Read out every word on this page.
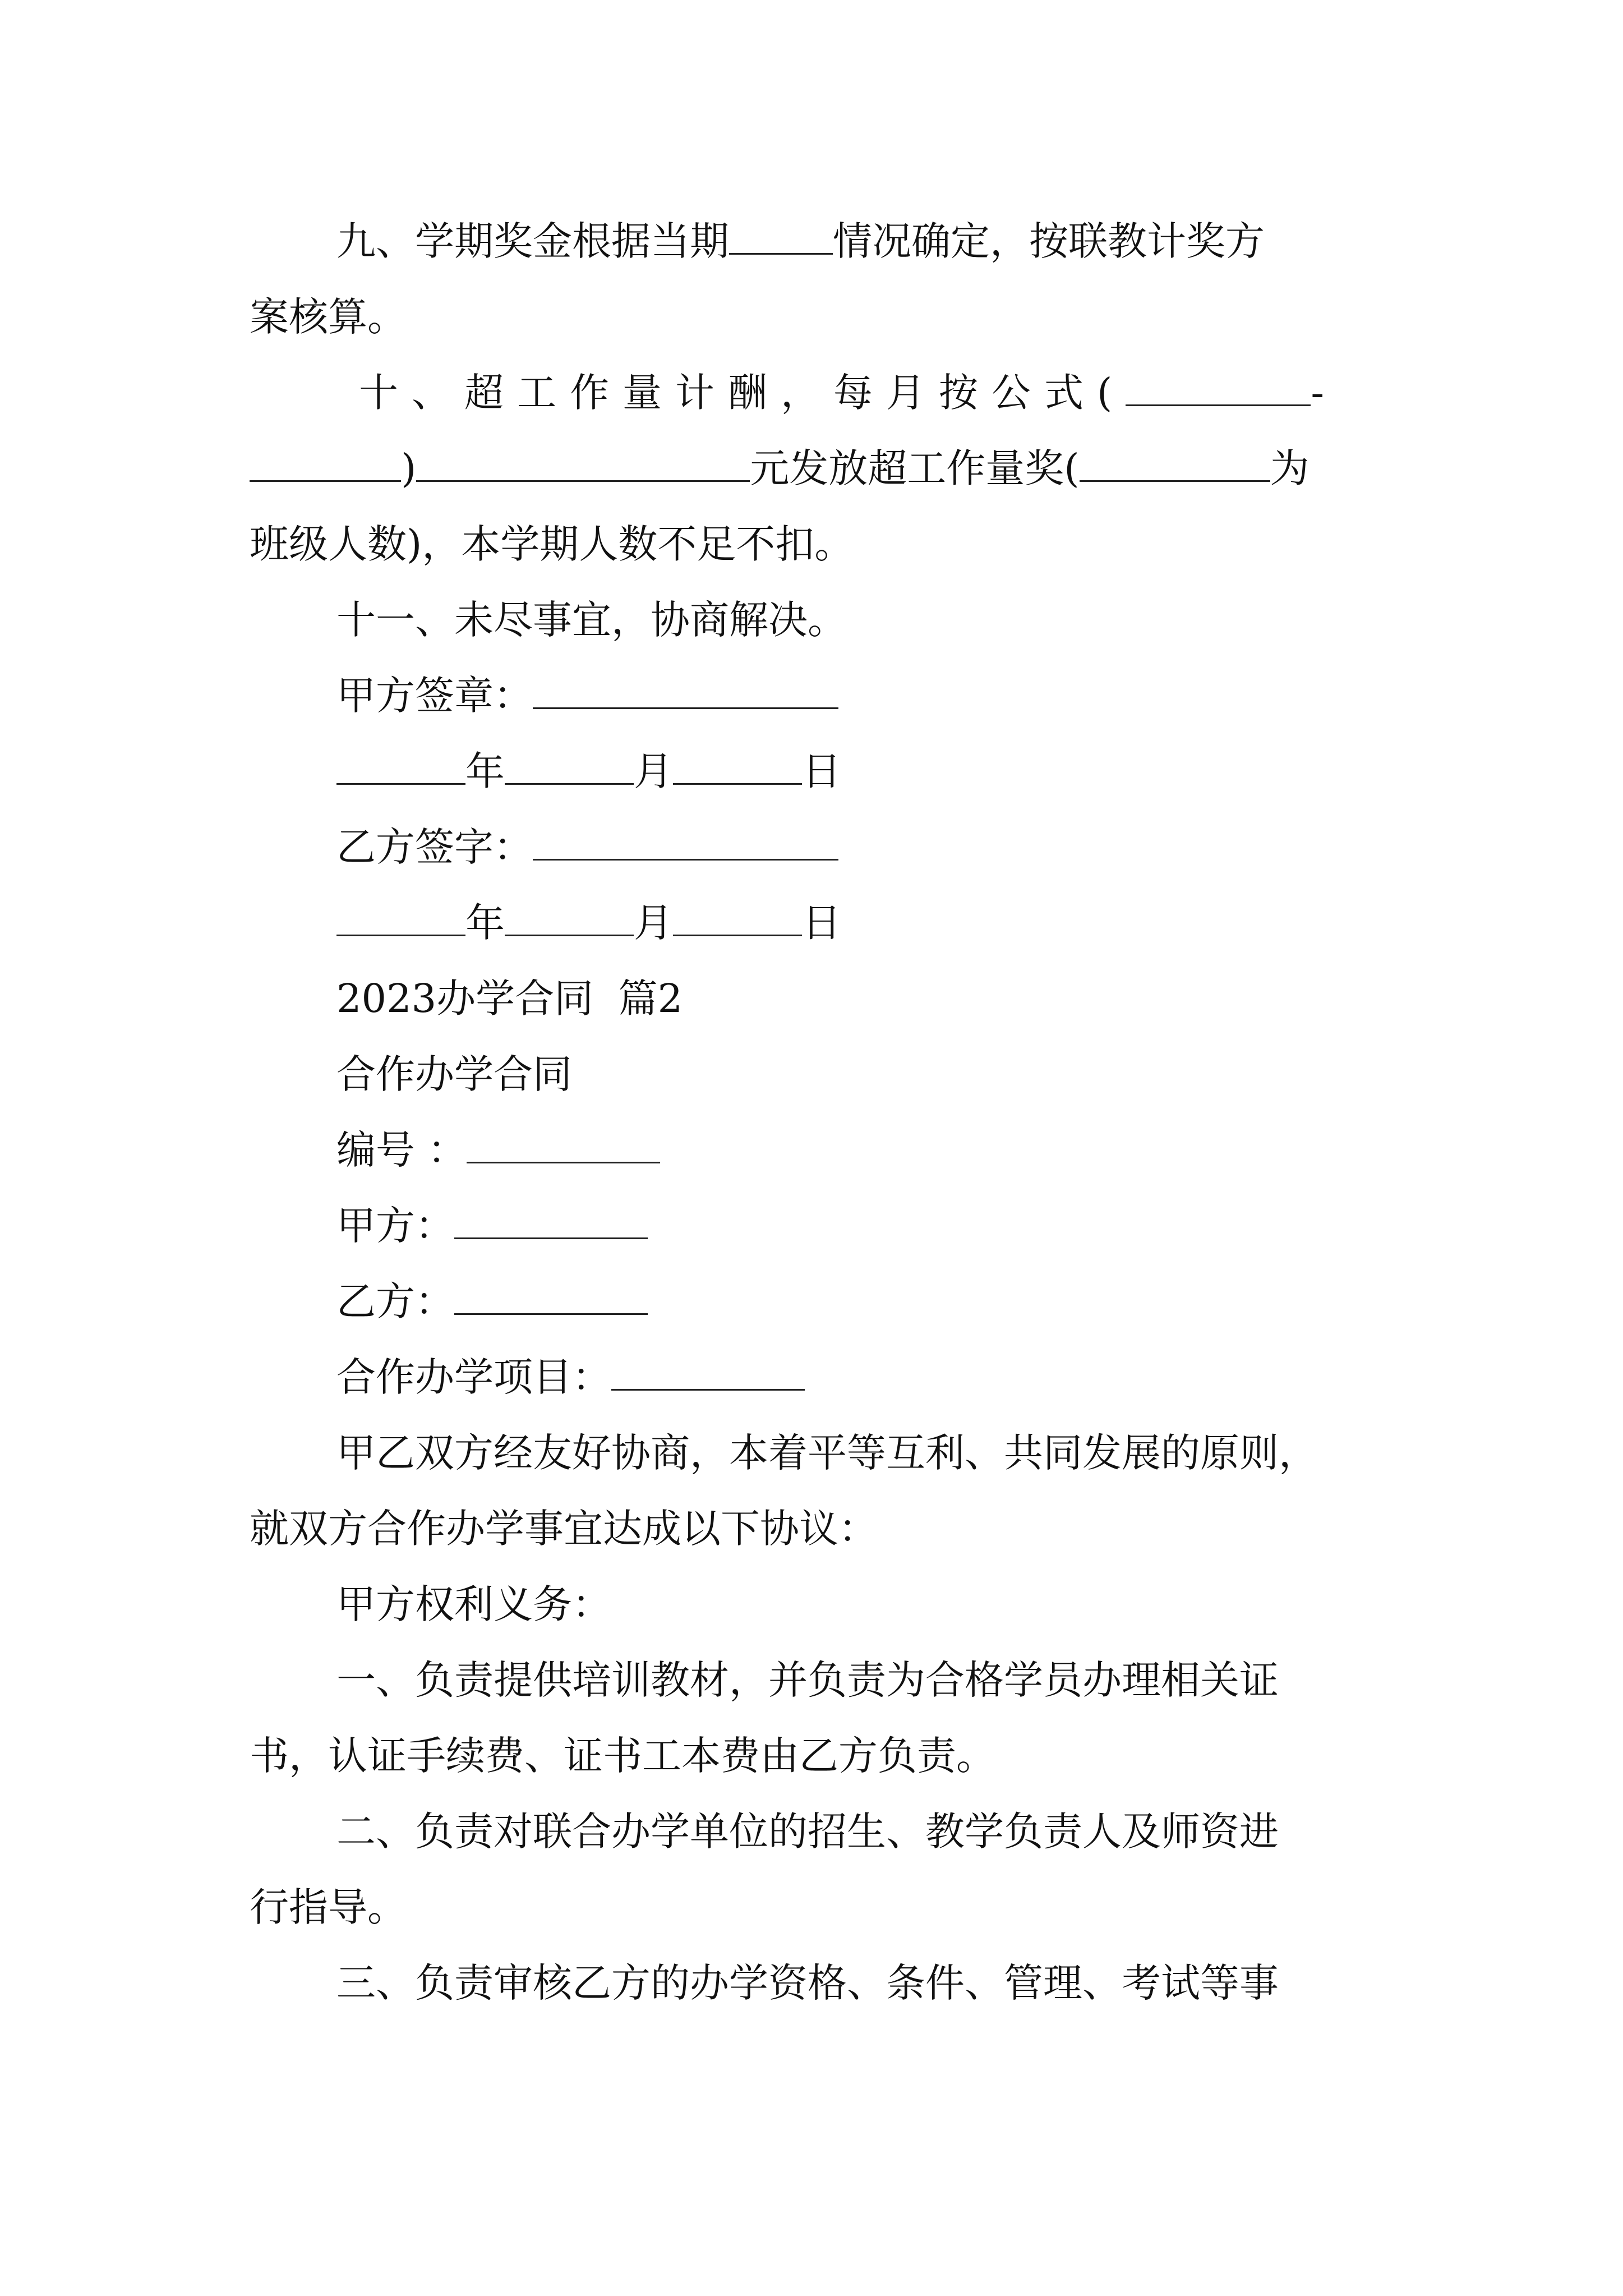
九、学期奖金根据当期	情况确定，按联教计奖方
案核算。
十、超工作量计酬，每月按公式(	-
)	元发放超工作量奖(	为
班级人数)，本学期人数不足不扣。
十一、未尽事宜，协商解决。
甲方签章：
年	月	日
乙方签字：
年	月	日
2023办学合同  篇2
合作办学合同
编号 ：
甲方：
乙方：
合作办学项目：
甲乙双方经友好协商，本着平等互利、共同发展的原则，
就双方合作办学事宜达成以下协议：
甲方权利义务：
一、负责提供培训教材，并负责为合格学员办理相关证
书，认证手续费、证书工本费由乙方负责。
二、负责对联合办学单位的招生、教学负责人及师资进
行指导。
三、负责审核乙方的办学资格、条件、管理、考试等事
